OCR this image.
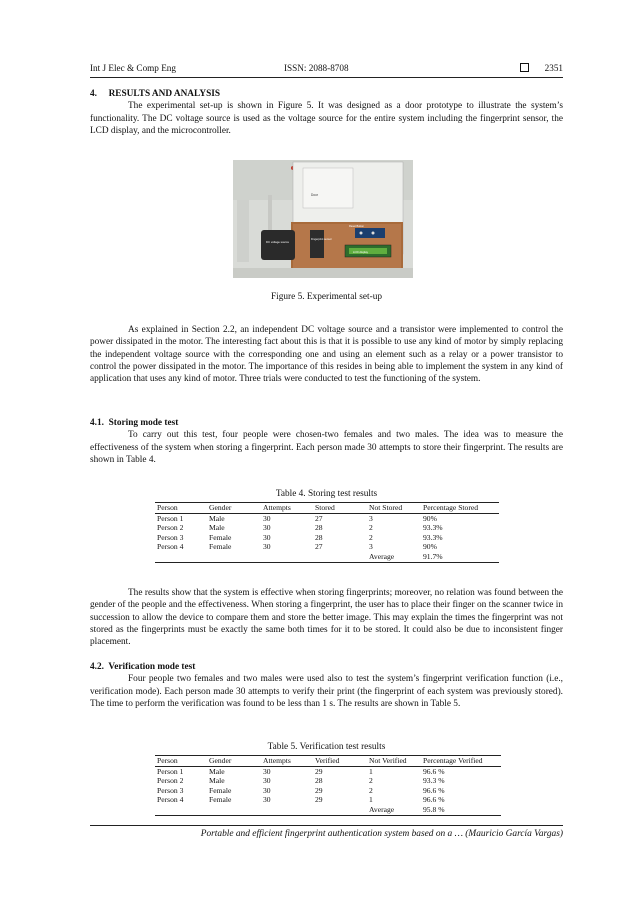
Int J Elec & Comp Eng	ISSN: 2088-8708	2351

4.     RESULTS AND ANALYSIS

The experimental set-up is shown in Figure 5. It was designed as a door prototype to illustrate the system’s functionality. The DC voltage source is used as the voltage source for the entire system including the fingerprint sensor, the LCD display, and the microcontroller.

Door
DC voltage source
Fingerprint sensor
LCD display
Reset Button
Figure 5. Experimental set-up

As explained in Section 2.2, an independent DC voltage source and a transistor were implemented to control the power dissipated in the motor. The interesting fact about this is that it is possible to use any kind of motor by simply replacing the independent voltage source with the corresponding one and using an element such as a relay or a power transistor to control the power dissipated in the motor. The importance of this resides in being able to implement the system in any kind of application that uses any kind of motor. Three trials were conducted to test the functioning of the system.

4.1.  Storing mode test

To carry out this test, four people were chosen-two females and two males. The idea was to measure the effectiveness of the system when storing a fingerprint. Each person made 30 attempts to store their fingerprint. The results are shown in Table 4.

Table 4. Storing test results
Person	Gender	Attempts	Stored	Not Stored	Percentage Stored
Person 1	Male	30	27	3	90%
Person 2	Male	30	28	2	93.3%
Person 3	Female	30	28	2	93.3%
Person 4	Female	30	27	3	90%
				Average	91.7%

The results show that the system is effective when storing fingerprints; moreover, no relation was found between the gender of the people and the effectiveness. When storing a fingerprint, the user has to place their finger on the scanner twice in succession to allow the device to compare them and store the better image. This may explain the times the fingerprint was not stored as the fingerprints must be exactly the same both times for it to be stored. It could also be due to inconsistent finger placement.

4.2.  Verification mode test

Four people two females and two males were used also to test the system’s fingerprint verification function (i.e., verification mode). Each person made 30 attempts to verify their print (the fingerprint of each system was previously stored). The time to perform the verification was found to be less than 1 s. The results are shown in Table 5.

Table 5. Verification test results
Person	Gender	Attempts	Verified	Not Verified	Percentage Verified
Person 1	Male	30	29	1	96.6 %
Person 2	Male	30	28	2	93.3 %
Person 3	Female	30	29	2	96.6 %
Person 4	Female	30	29	1	96.6 %
				Average	95.8 %
Portable and efficient fingerprint authentication system based on a … (Mauricio García Vargas)
